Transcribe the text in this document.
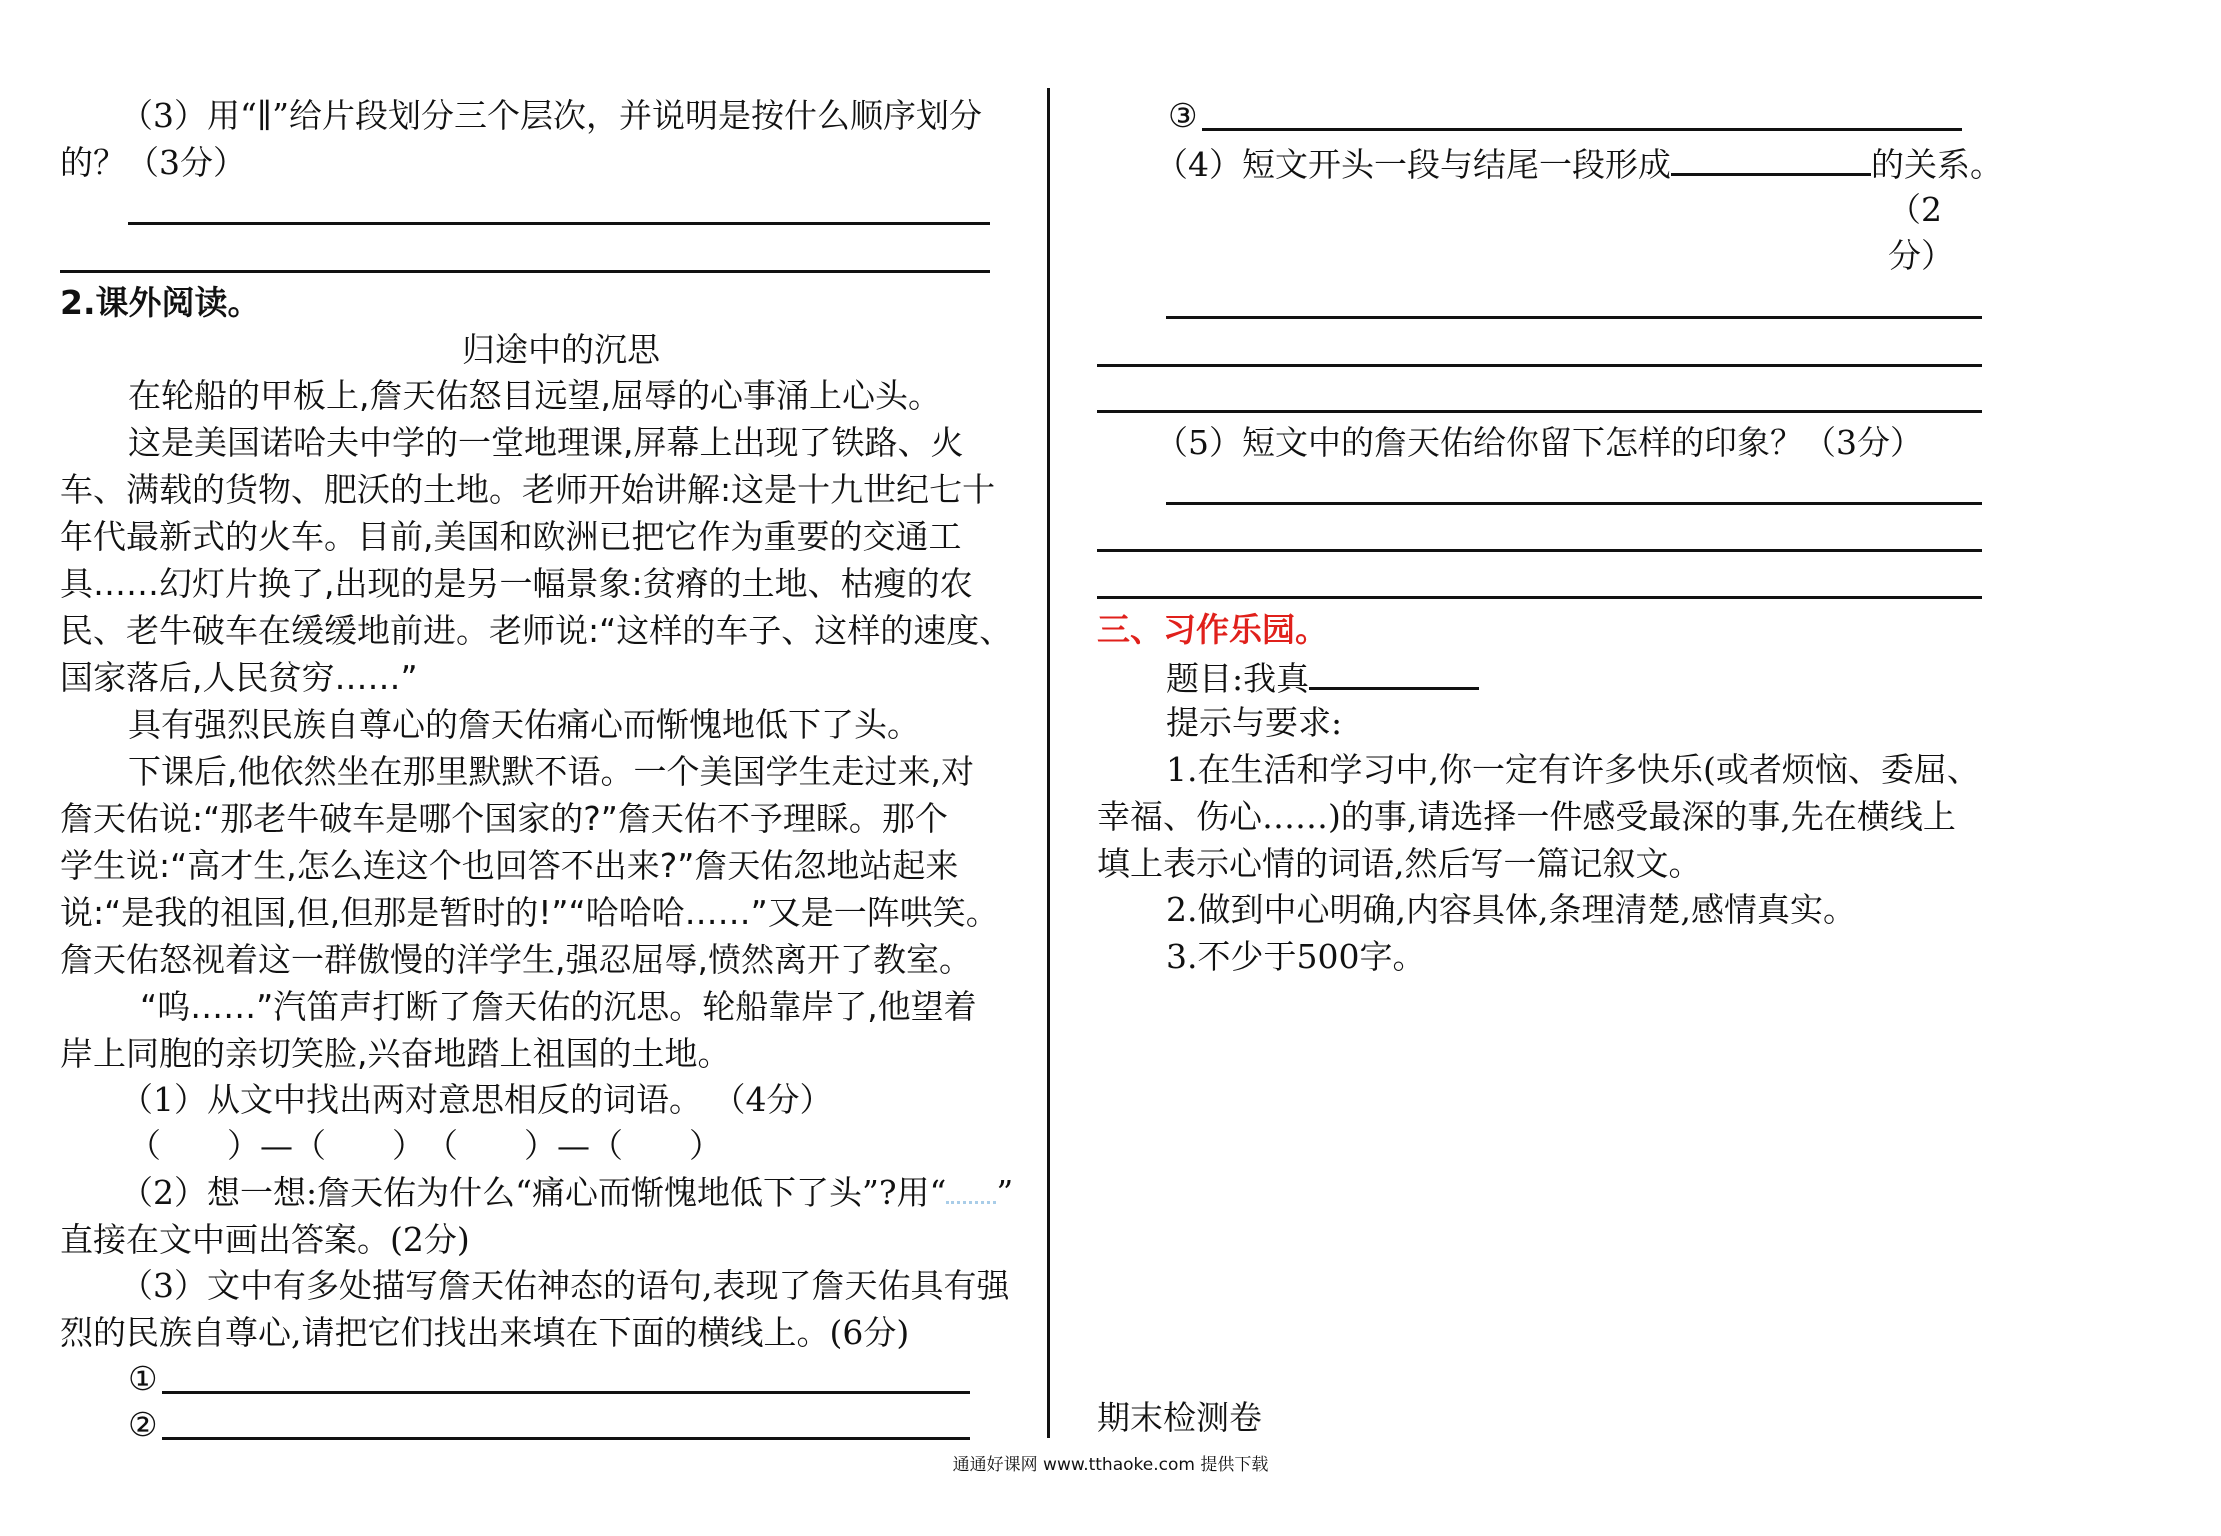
（3）用“∥”给片段划分三个层次，并说明是按什么顺序划分
的？（3分）
2.课外阅读。
归途中的沉思
在轮船的甲板上,詹天佑怒目远望,屈辱的心事涌上心头。
这是美国诺哈夫中学的一堂地理课,屏幕上出现了铁路、火
车、满载的货物、肥沃的土地。老师开始讲解:这是十九世纪七十
年代最新式的火车。目前,美国和欧洲已把它作为重要的交通工
具……幻灯片换了,出现的是另一幅景象:贫瘠的土地、枯瘦的农
民、老牛破车在缓缓地前进。老师说:“这样的车子、这样的速度、
国家落后,人民贫穷……”
具有强烈民族自尊心的詹天佑痛心而惭愧地低下了头。
下课后,他依然坐在那里默默不语。一个美国学生走过来,对
詹天佑说:“那老牛破车是哪个国家的?”詹天佑不予理睬。那个
学生说:“高才生,怎么连这个也回答不出来?”詹天佑忽地站起来
说:“是我的祖国,但,但那是暂时的!”“哈哈哈……”又是一阵哄笑。
詹天佑怒视着这一群傲慢的洋学生,强忍屈辱,愤然离开了教室。
“呜……”汽笛声打断了詹天佑的沉思。轮船靠岸了,他望着
岸上同胞的亲切笑脸,兴奋地踏上祖国的土地。
（1）从文中找出两对意思相反的词语。 （4分）
（　　）—（　　）　（　　）—（　　）
（2）想一想:詹天佑为什么“痛心而惭愧地低下了头”?用“ ”
直接在文中画出答案。(2分)
（3）文中有多处描写詹天佑神态的语句,表现了詹天佑具有强
烈的民族自尊心,请把它们找出来填在下面的横线上。(6分)
①
②
③
（4）短文开头一段与结尾一段形成	的关系。
（2
分）
（5）短文中的詹天佑给你留下怎样的印象？（3分）
三、习作乐园。
题目:我真
提示与要求:
1.在生活和学习中,你一定有许多快乐(或者烦恼、委屈、
幸福、伤心……)的事,请选择一件感受最深的事,先在横线上
填上表示心情的词语,然后写一篇记叙文。
2.做到中心明确,内容具体,条理清楚,感情真实。
3.不少于500字。
期末检测卷
通通好课网 www.tthaoke.com 提供下载
